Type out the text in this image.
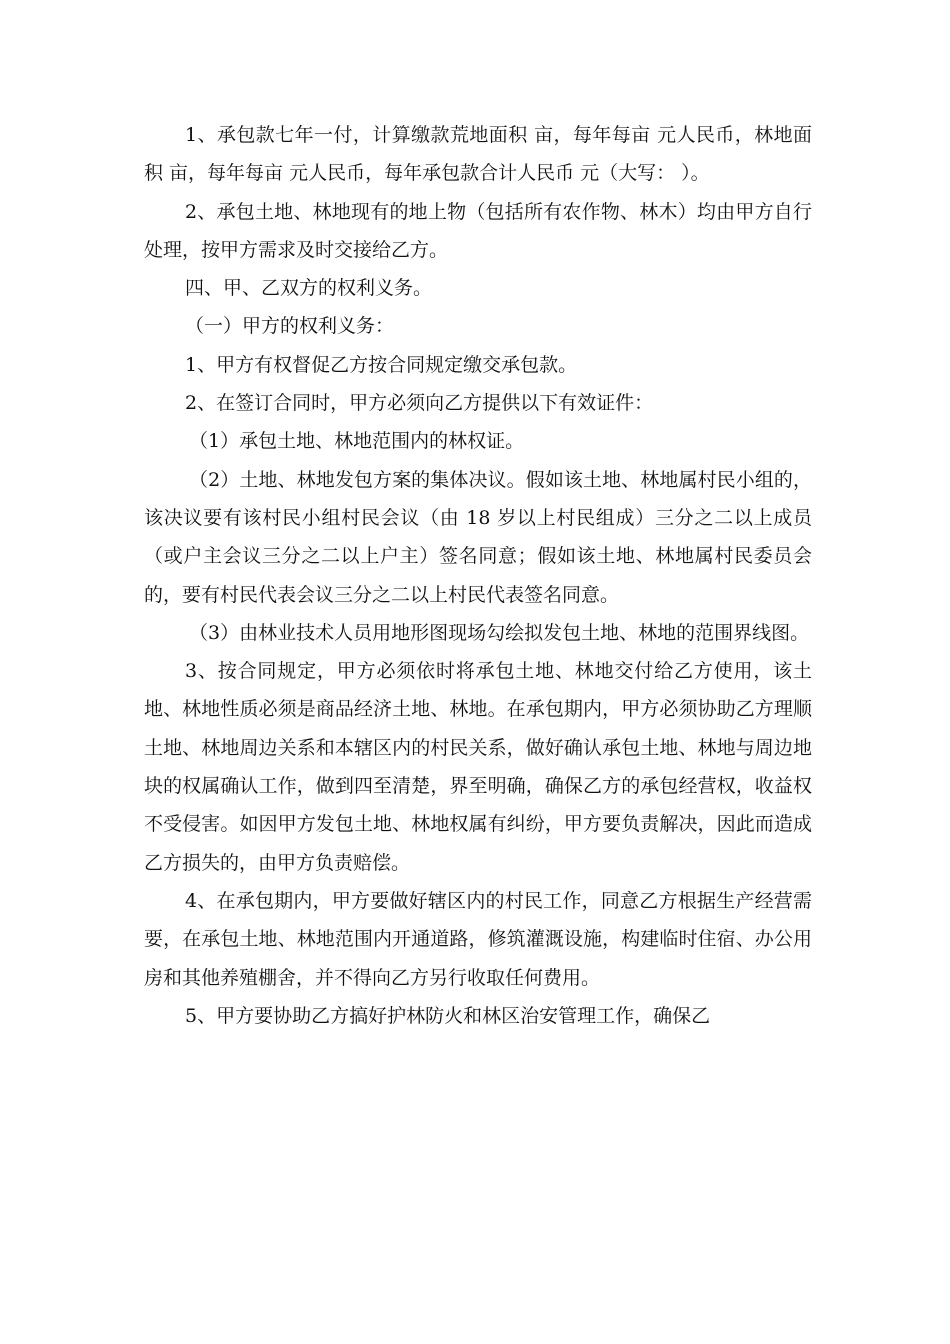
1、承包款七年一付，计算缴款荒地面积 亩，每年每亩 元人民币，林地面积 亩，每年每亩 元人民币，每年承包款合计人民币 元（大写： ）。

2、承包土地、林地现有的地上物（包括所有农作物、林木）均由甲方自行处理，按甲方需求及时交接给乙方。

四、甲、乙双方的权利义务。

（一）甲方的权利义务：

1、甲方有权督促乙方按合同规定缴交承包款。

2、在签订合同时，甲方必须向乙方提供以下有效证件：

（1）承包土地、林地范围内的林权证。

（2）土地、林地发包方案的集体决议。假如该土地、林地属村民小组的，该决议要有该村民小组村民会议（由 18 岁以上村民组成）三分之二以上成员（或户主会议三分之二以上户主）签名同意；假如该土地、林地属村民委员会的，要有村民代表会议三分之二以上村民代表签名同意。

（3）由林业技术人员用地形图现场勾绘拟发包土地、林地的范围界线图。

3、按合同规定，甲方必须依时将承包土地、林地交付给乙方使用，该土地、林地性质必须是商品经济土地、林地。在承包期内，甲方必须协助乙方理顺土地、林地周边关系和本辖区内的村民关系，做好确认承包土地、林地与周边地块的权属确认工作，做到四至清楚，界至明确，确保乙方的承包经营权，收益权不受侵害。如因甲方发包土地、林地权属有纠纷，甲方要负责解决，因此而造成乙方损失的，由甲方负责赔偿。

4、在承包期内，甲方要做好辖区内的村民工作，同意乙方根据生产经营需要，在承包土地、林地范围内开通道路，修筑灌溉设施，构建临时住宿、办公用房和其他养殖棚舍，并不得向乙方另行收取任何费用。

5、甲方要协助乙方搞好护林防火和林区治安管理工作，确保乙
